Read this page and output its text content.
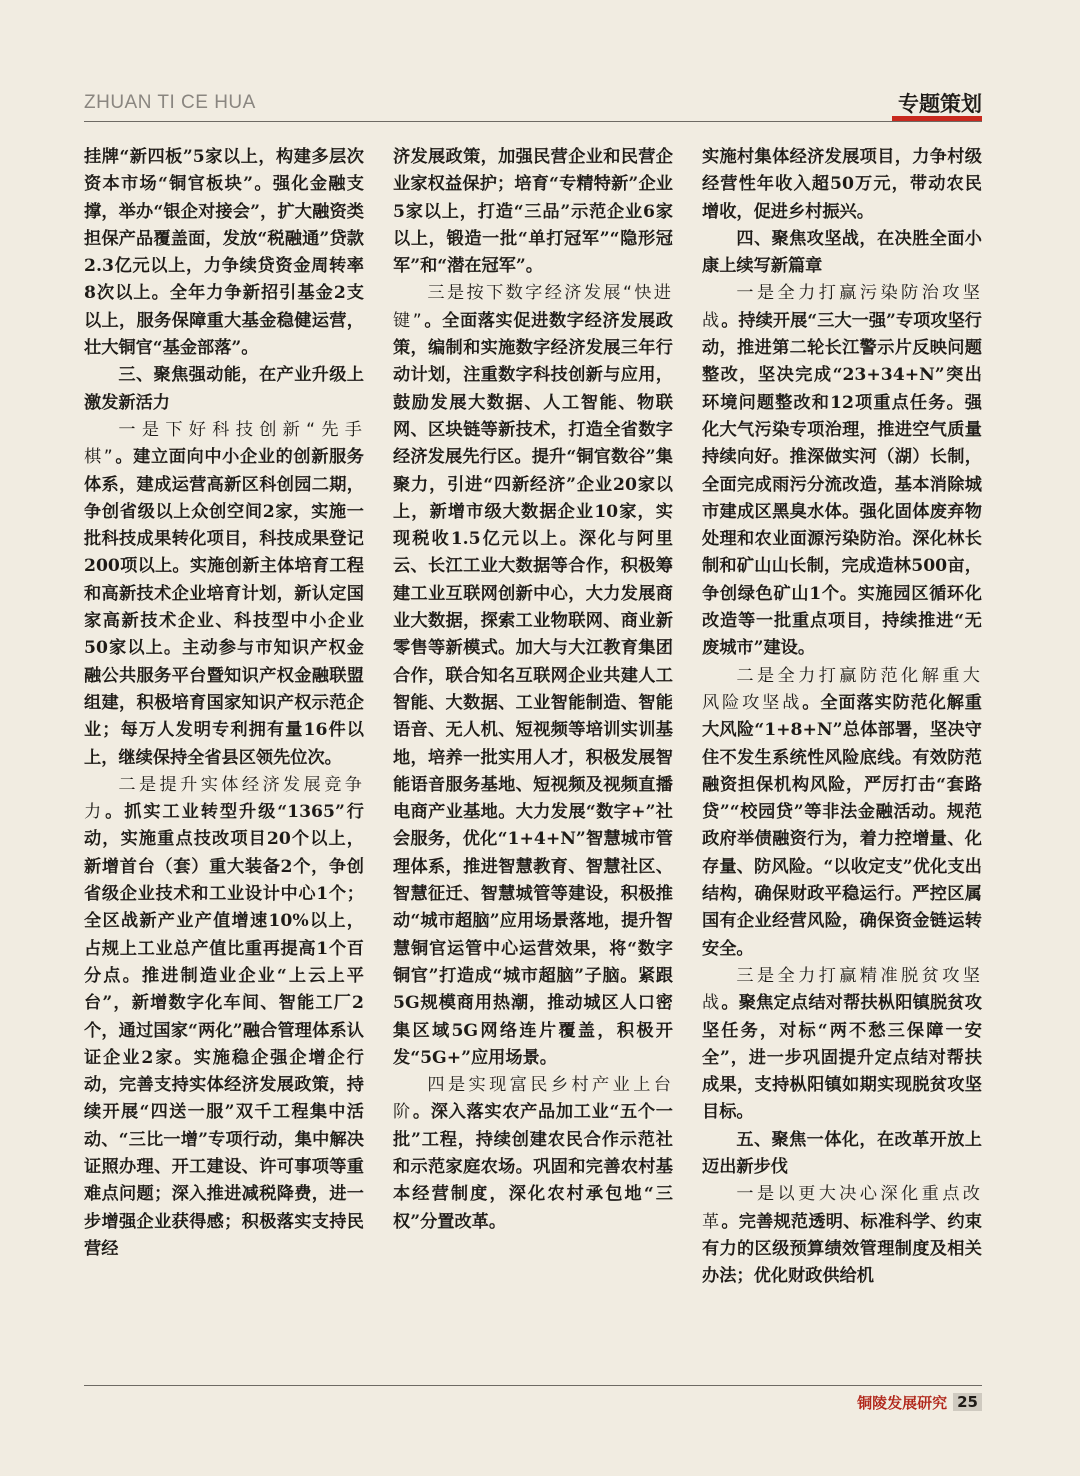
ZHUAN TI CE HUA	专题策划

挂牌“新四板”5家以上，构建多层次资本市场“铜官板块”。强化金融支撑，举办“银企对接会”，扩大融资类担保产品覆盖面，发放“税融通”贷款2.3亿元以上，力争续贷资金周转率8次以上。全年力争新招引基金2支以上，服务保障重大基金稳健运营，壮大铜官“基金部落”。

三、聚焦强动能，在产业升级上激发新活力

一是下好科技创新“先手棋”。建立面向中小企业的创新服务体系，建成运营高新区科创园二期，争创省级以上众创空间2家，实施一批科技成果转化项目，科技成果登记200项以上。实施创新主体培育工程和高新技术企业培育计划，新认定国家高新技术企业、科技型中小企业50家以上。主动参与市知识产权金融公共服务平台暨知识产权金融联盟组建，积极培育国家知识产权示范企业；每万人发明专利拥有量16件以上，继续保持全省县区领先位次。

二是提升实体经济发展竞争力。抓实工业转型升级“1365”行动，实施重点技改项目20个以上，新增首台（套）重大装备2个，争创省级企业技术和工业设计中心1个；全区战新产业产值增速10%以上，占规上工业总产值比重再提高1个百分点。推进制造业企业“上云上平台”，新增数字化车间、智能工厂2个，通过国家“两化”融合管理体系认证企业2家。实施稳企强企增企行动，完善支持实体经济发展政策，持续开展“四送一服”双千工程集中活动、“三比一增”专项行动，集中解决证照办理、开工建设、许可事项等重难点问题；深入推进减税降费，进一步增强企业获得感；积极落实支持民营经

济发展政策，加强民营企业和民营企业家权益保护；培育“专精特新”企业5家以上，打造“三品”示范企业6家以上，锻造一批“单打冠军”“隐形冠军”和“潜在冠军”。

三是按下数字经济发展“快进键”。全面落实促进数字经济发展政策，编制和实施数字经济发展三年行动计划，注重数字科技创新与应用，鼓励发展大数据、人工智能、物联网、区块链等新技术，打造全省数字经济发展先行区。提升“铜官数谷”集聚力，引进“四新经济”企业20家以上，新增市级大数据企业10家，实现税收1.5亿元以上。深化与阿里云、长江工业大数据等合作，积极筹建工业互联网创新中心，大力发展商业大数据，探索工业物联网、商业新零售等新模式。加大与大江教育集团合作，联合知名互联网企业共建人工智能、大数据、工业智能制造、智能语音、无人机、短视频等培训实训基地，培养一批实用人才，积极发展智能语音服务基地、短视频及视频直播电商产业基地。大力发展“数字+”社会服务，优化“1+4+N”智慧城市管理体系，推进智慧教育、智慧社区、智慧征迁、智慧城管等建设，积极推动“城市超脑”应用场景落地，提升智慧铜官运管中心运营效果，将“数字铜官”打造成“城市超脑”子脑。紧跟5G规模商用热潮，推动城区人口密集区域5G网络连片覆盖，积极开发“5G+”应用场景。

四是实现富民乡村产业上台阶。深入落实农产品加工业“五个一批”工程，持续创建农民合作示范社和示范家庭农场。巩固和完善农村基本经营制度，深化农村承包地“三权”分置改革。

实施村集体经济发展项目，力争村级经营性年收入超50万元，带动农民增收，促进乡村振兴。

四、聚焦攻坚战，在决胜全面小康上续写新篇章

一是全力打赢污染防治攻坚战。持续开展“三大一强”专项攻坚行动，推进第二轮长江警示片反映问题整改，坚决完成“23+34+N”突出环境问题整改和12项重点任务。强化大气污染专项治理，推进空气质量持续向好。推深做实河（湖）长制，全面完成雨污分流改造，基本消除城市建成区黑臭水体。强化固体废弃物处理和农业面源污染防治。深化林长制和矿山山长制，完成造林500亩，争创绿色矿山1个。实施园区循环化改造等一批重点项目，持续推进“无废城市”建设。

二是全力打赢防范化解重大风险攻坚战。全面落实防范化解重大风险“1+8+N”总体部署，坚决守住不发生系统性风险底线。有效防范融资担保机构风险，严厉打击“套路贷”“校园贷”等非法金融活动。规范政府举债融资行为，着力控增量、化存量、防风险。“以收定支”优化支出结构，确保财政平稳运行。严控区属国有企业经营风险，确保资金链运转安全。

三是全力打赢精准脱贫攻坚战。聚焦定点结对帮扶枞阳镇脱贫攻坚任务，对标“两不愁三保障一安全”，进一步巩固提升定点结对帮扶成果，支持枞阳镇如期实现脱贫攻坚目标。

五、聚焦一体化，在改革开放上迈出新步伐

一是以更大决心深化重点改革。完善规范透明、标准科学、约束有力的区级预算绩效管理制度及相关办法；优化财政供给机

铜陵发展研究 25
